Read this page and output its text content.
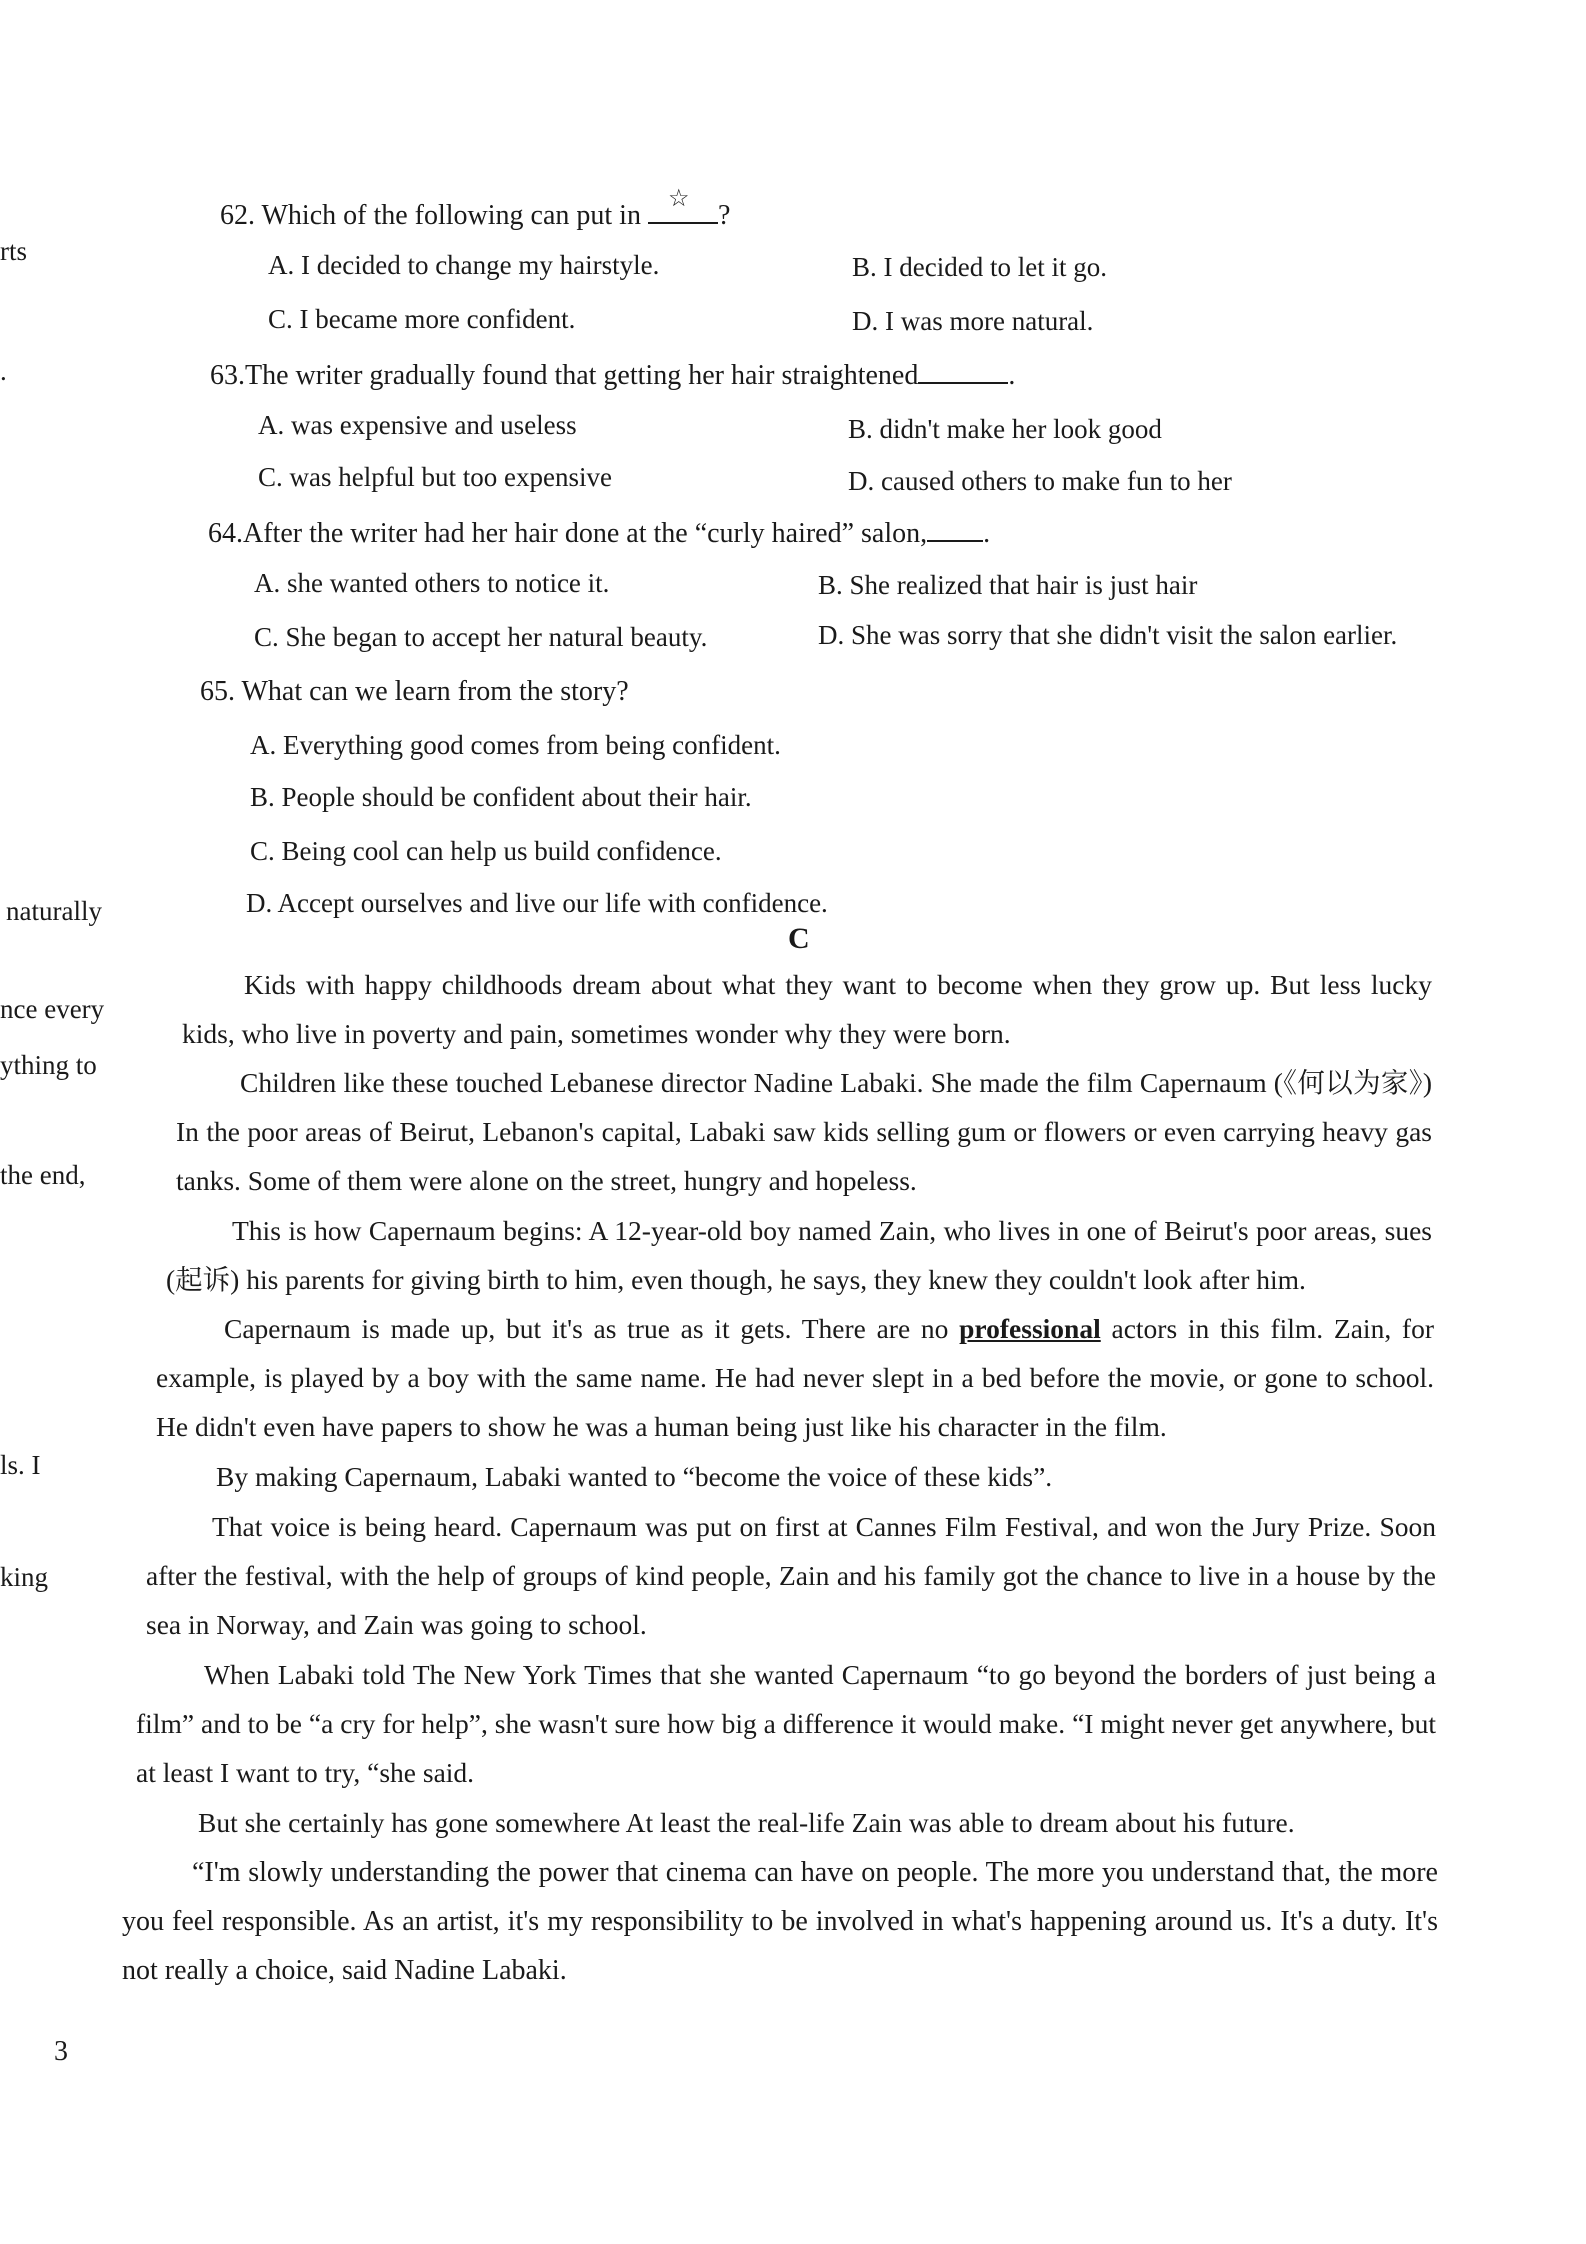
rts
.
naturally
nce every
ything to
the end,
ls. I
king
62. Which of the following can put in
☆
?
A. I decided to change my hairstyle.	B. I decided to let it go.
C. I became more confident.	D. I was more natural.
63.The writer gradually found that getting her hair straightened	.
A. was expensive and useless	B. didn't make her look good
C. was helpful but too expensive	D. caused others to make fun to her
64.After the writer had her hair done at the “curly haired” salon, .
A. she wanted others to notice it.	B. She realized that hair is just hair
C. She began to accept her natural beauty.	D. She was sorry that she didn't visit the salon earlier.
65. What can we learn from the story?
A. Everything good comes from being confident.
B. People should be confident about their hair.
C. Being cool can help us build confidence.
D. Accept ourselves and live our life with confidence.
C
Kids with happy childhoods dream about what they want to become when they grow up. But less lucky kids, who live in poverty and pain, sometimes wonder why they were born.
Children like these touched Lebanese director Nadine Labaki. She made the film Capernaum (《何以为家》) In the poor areas of Beirut, Lebanon's capital, Labaki saw kids selling gum or flowers or even carrying heavy gas tanks. Some of them were alone on the street, hungry and hopeless.
This is how Capernaum begins: A 12-year-old boy named Zain, who lives in one of Beirut's poor areas, sues (起诉) his parents for giving birth to him, even though, he says, they knew they couldn't look after him.
Capernaum is made up, but it's as true as it gets. There are no professional actors in this film. Zain, for example, is played by a boy with the same name. He had never slept in a bed before the movie, or gone to school. He didn't even have papers to show he was a human being just like his character in the film.
By making Capernaum, Labaki wanted to “become the voice of these kids”.
That voice is being heard. Capernaum was put on first at Cannes Film Festival, and won the Jury Prize. Soon after the festival, with the help of groups of kind people, Zain and his family got the chance to live in a house by the sea in Norway, and Zain was going to school.
When Labaki told The New York Times that she wanted Capernaum “to go beyond the borders of just being a film” and to be “a cry for help”, she wasn't sure how big a difference it would make. “I might never get anywhere, but at least I want to try, “she said.
But she certainly has gone somewhere At least the real-life Zain was able to dream about his future.
“I'm slowly understanding the power that cinema can have on people. The more you understand that, the more you feel responsible. As an artist, it's my responsibility to be involved in what's happening around us. It's a duty. It's not really a choice, said Nadine Labaki.
3
